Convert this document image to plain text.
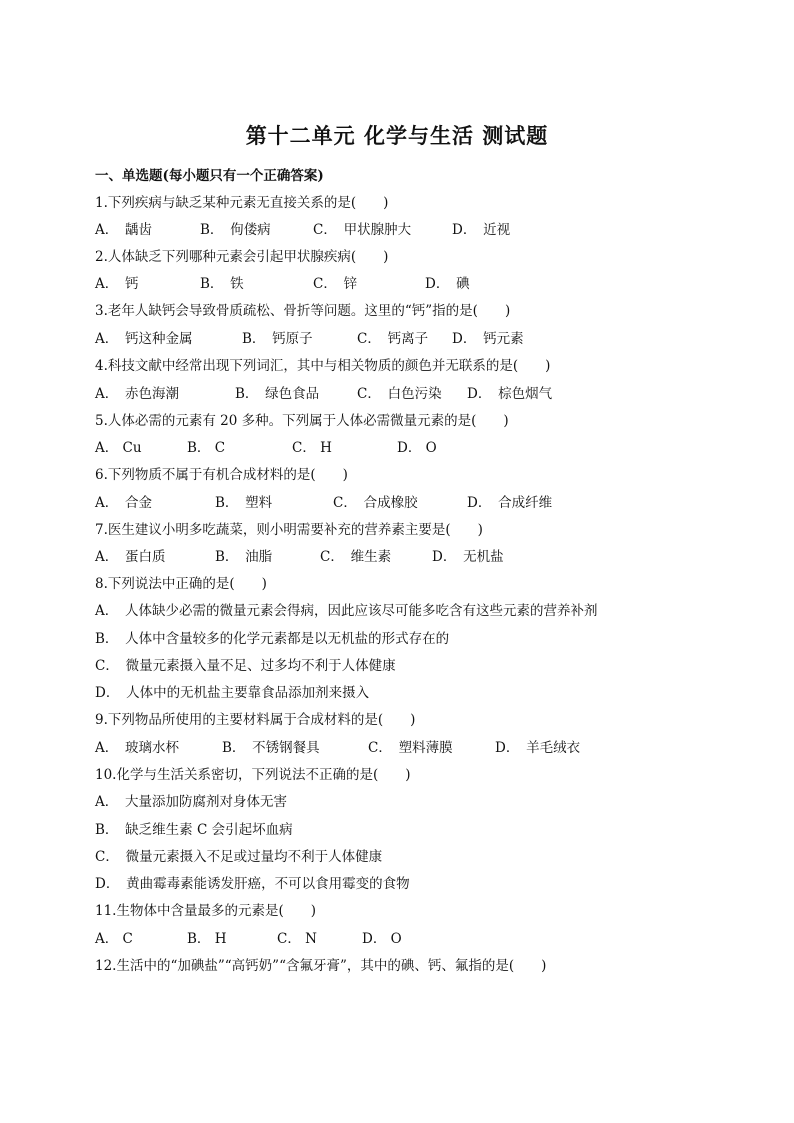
第十二单元 化学与生活 测试题
一、单选题(每小题只有一个正确答案)
1.下列疾病与缺乏某种元素无直接关系的是(　　)
A．　龋齿	B．　佝偻病	C．　甲状腺肿大	D．　近视
2.人体缺乏下列哪种元素会引起甲状腺疾病(　　)
A．　钙	B．　铁	C．　锌	D．　碘
3.老年人缺钙会导致骨质疏松、骨折等问题。这里的“钙”指的是(　　)
A．　钙这种金属	B．　钙原子	C．　钙离子 D．　钙元素
4.科技文献中经常出现下列词汇，其中与相关物质的颜色并无联系的是(　　)
A．　赤色海潮	B．　绿色食品	C．　白色污染 D．　棕色烟气
5.人体必需的元素有 20 多种。下列属于人体必需微量元素的是(　　)
A． Cu	B． C	C． H	D． O
6.下列物质不属于有机合成材料的是(　　)
A．　合金	B．　塑料	C．　合成橡胶	D．　合成纤维
7.医生建议小明多吃蔬菜，则小明需要补充的营养素主要是(　　)
A．　蛋白质	B．　油脂	C．　维生素	D．　无机盐
8.下列说法中正确的是(　　)
A．　人体缺少必需的微量元素会得病，因此应该尽可能多吃含有这些元素的营养补剂
B．　人体中含量较多的化学元素都是以无机盐的形式存在的
C．　微量元素摄入量不足、过多均不利于人体健康
D．　人体中的无机盐主要靠食品添加剂来摄入
9.下列物品所使用的主要材料属于合成材料的是(　　)
A．　玻璃水杯	B．　不锈钢餐具	C．　塑料薄膜	D．　羊毛绒衣
10.化学与生活关系密切，下列说法不正确的是(　　)
A．　大量添加防腐剂对身体无害
B．　缺乏维生素 C 会引起坏血病
C．　微量元素摄入不足或过量均不利于人体健康
D．　黄曲霉毒素能诱发肝癌，不可以食用霉变的食物
11.生物体中含量最多的元素是(　　)
A． C	B． H	C． N	D． O
12.生活中的“加碘盐”“高钙奶”“含氟牙膏”，其中的碘、钙、氟指的是(　　)
